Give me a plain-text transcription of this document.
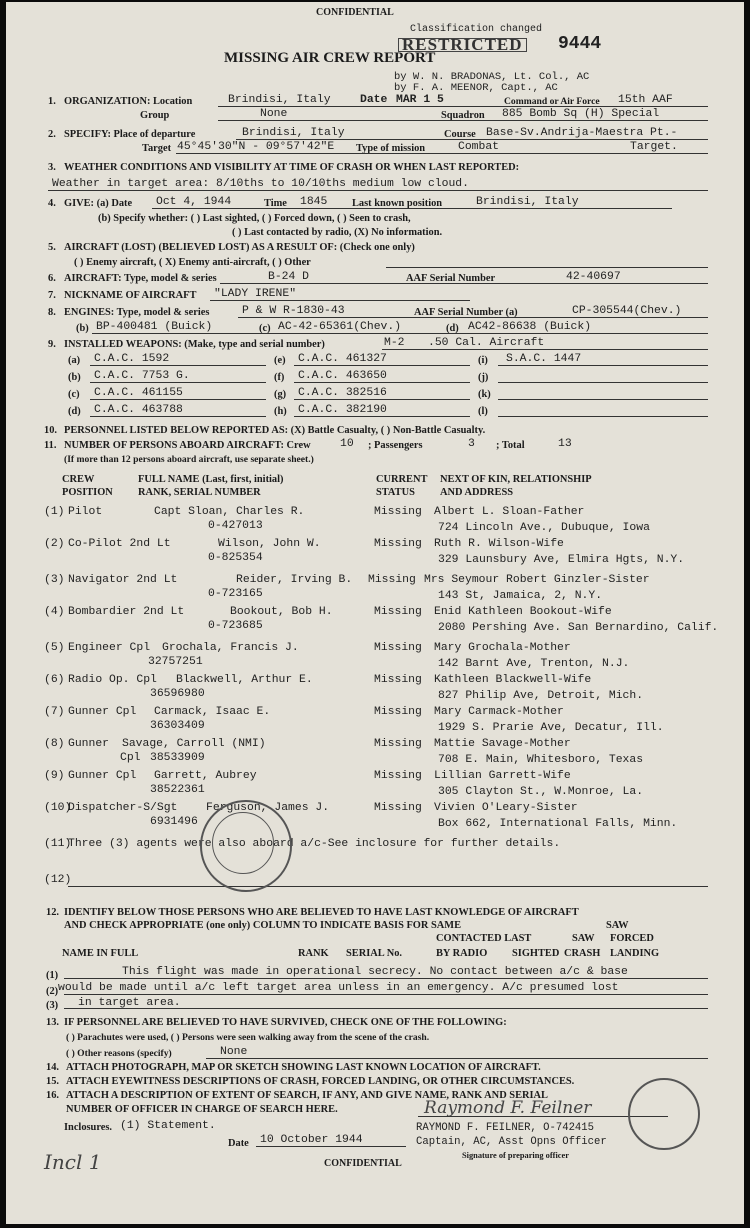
CONFIDENTIAL
Classification changed
RESTRICTED 9444
MISSING AIR CREW REPORT
by W. N. BRADONAS, Lt. Col., AC
by F. A. MEENOR, Capt., AC
1. ORGANIZATION: Location	Brindisi, Italy	Date MAR 1 5	Command or Air Force 15th AAF
Group	None	Squadron 885 Bomb Sq (H) Special
2. SPECIFY: Place of departure	Brindisi, Italy	Course Base-Sv.Andrija-Maestra Pt.-
Target 45°45'30"N - 09°57'42"E Type of mission	Combat	Target.
3. WEATHER CONDITIONS AND VISIBILITY AT TIME OF CRASH OR WHEN LAST REPORTED:
Weather in target area: 8/10ths to 10/10ths medium low cloud.
4. GIVE: (a) Date Oct 4, 1944	Time 1845 Last known position	Brindisi, Italy
(b) Specify whether: ( ) Last sighted, ( ) Forced down, ( ) Seen to crash,
( ) Last contacted by radio, (X) No information.
5. AIRCRAFT (LOST) (BELIEVED LOST) AS A RESULT OF: (Check one only)
( ) Enemy aircraft, ( X) Enemy anti-aircraft, ( ) Other
6. AIRCRAFT: Type, model & series	B-24 D	AAF Serial Number	42-40697
7. NICKNAME OF AIRCRAFT "LADY IRENE"
8. ENGINES: Type, model & series	P & W R-1830-43	AAF Serial Number (a)	CP-305544(Chev.)
(b) BP-400481 (Buick)	(c) AC-42-65361(Chev.)	(d) AC42-86638 (Buick)
9. INSTALLED WEAPONS: (Make, type and serial number)	M-2 .50 Cal. Aircraft
(a) C.A.C. 1592
(b) C.A.C. 7753 G.
(c) C.A.C. 461155
(d) C.A.C. 463788
(e) C.A.C. 461327
(f) C.A.C. 463650
(g) C.A.C. 382516
(h) C.A.C. 382190
(i) S.A.C. 1447
(j)
(k)
(l)
10. PERSONNEL LISTED BELOW REPORTED AS: (X) Battle Casualty, ( ) Non-Battle Casualty.
11. NUMBER OF PERSONS ABOARD AIRCRAFT: Crew	10 ; Passengers	3 ; Total	13
(If more than 12 persons aboard aircraft, use separate sheet.)
CREW
POSITION
FULL NAME (Last, first, initial)
RANK, SERIAL NUMBER
CURRENT
STATUS
NEXT OF KIN, RELATIONSHIP
AND ADDRESS
(1) Pilot	Capt Sloan, Charles R.
0-427013
Missing Albert L. Sloan-Father
724 Lincoln Ave., Dubuque, Iowa
(2) Co-Pilot 2nd Lt	Wilson, John W.
0-825354
Missing Ruth R. Wilson-Wife
329 Launsbury Ave, Elmira Hgts, N.Y.
(3) Navigator 2nd Lt	Reider, Irving B.
0-723165
Missing Mrs Seymour Robert Ginzler-Sister
143 St, Jamaica, 2, N.Y.
(4) Bombardier 2nd Lt	Bookout, Bob H.
0-723685
Missing Enid Kathleen Bookout-Wife
2080 Pershing Ave. San Bernardino, Calif.
(5) Engineer Cpl Grochala, Francis J.
32757251
Missing Mary Grochala-Mother
142 Barnt Ave, Trenton, N.J.
(6) Radio Op. Cpl Blackwell, Arthur E.
36596980
Missing Kathleen Blackwell-Wife
827 Philip Ave, Detroit, Mich.
(7) Gunner Cpl Carmack, Isaac E.
36303409
Missing Mary Carmack-Mother
1929 S. Prarie Ave, Decatur, Ill.
(8) Gunner Savage, Carroll (NMI)
Cpl 38533909
Missing Mattie Savage-Mother
708 E. Main, Whitesboro, Texas
(9) Gunner Cpl Garrett, Aubrey
38522361
Missing Lillian Garrett-Wife
305 Clayton St., W.Monroe, La.
(10)
Dispatcher-S/Sgt	Ferguson, James J.
6931496
Missing Vivien O'Leary-Sister
Box 662, International Falls, Minn.
(11)
Three (3) agents were also aboard a/c-See inclosure for further details.
(12)
12. IDENTIFY BELOW THOSE PERSONS WHO ARE BELIEVED TO HAVE LAST KNOWLEDGE OF AIRCRAFT
AND CHECK APPROPRIATE (one only) COLUMN TO INDICATE BASIS FOR SAME	SAW
CONTACTED LAST	SAW FORCED
NAME IN FULL	RANK SERIAL No.	BY RADIO SIGHTED CRASH LANDING
(1)	This flight was made in operational secrecy. No contact between a/c & base
(2) would be made until a/c left target area unless in an emergency. A/c presumed lost
(3) in target area.
13. IF PERSONNEL ARE BELIEVED TO HAVE SURVIVED, CHECK ONE OF THE FOLLOWING:
( ) Parachutes were used, ( ) Persons were seen walking away from the scene of the crash.
( ) Other reasons (specify)	None
14. ATTACH PHOTOGRAPH, MAP OR SKETCH SHOWING LAST KNOWN LOCATION OF AIRCRAFT.
15. ATTACH EYEWITNESS DESCRIPTIONS OF CRASH, FORCED LANDING, OR OTHER CIRCUMSTANCES.
16. ATTACH A DESCRIPTION OF EXTENT OF SEARCH, IF ANY, AND GIVE NAME, RANK AND SERIAL
NUMBER OF OFFICER IN CHARGE OF SEARCH HERE.	Raymond F. Feilner
Inclosures. (1) Statement.	RAYMOND F. FEILNER, O-742415
Date 10 October 1944	Captain, AC, Asst Opns Officer
Signature of preparing officer
CONFIDENTIAL
Incl 1
